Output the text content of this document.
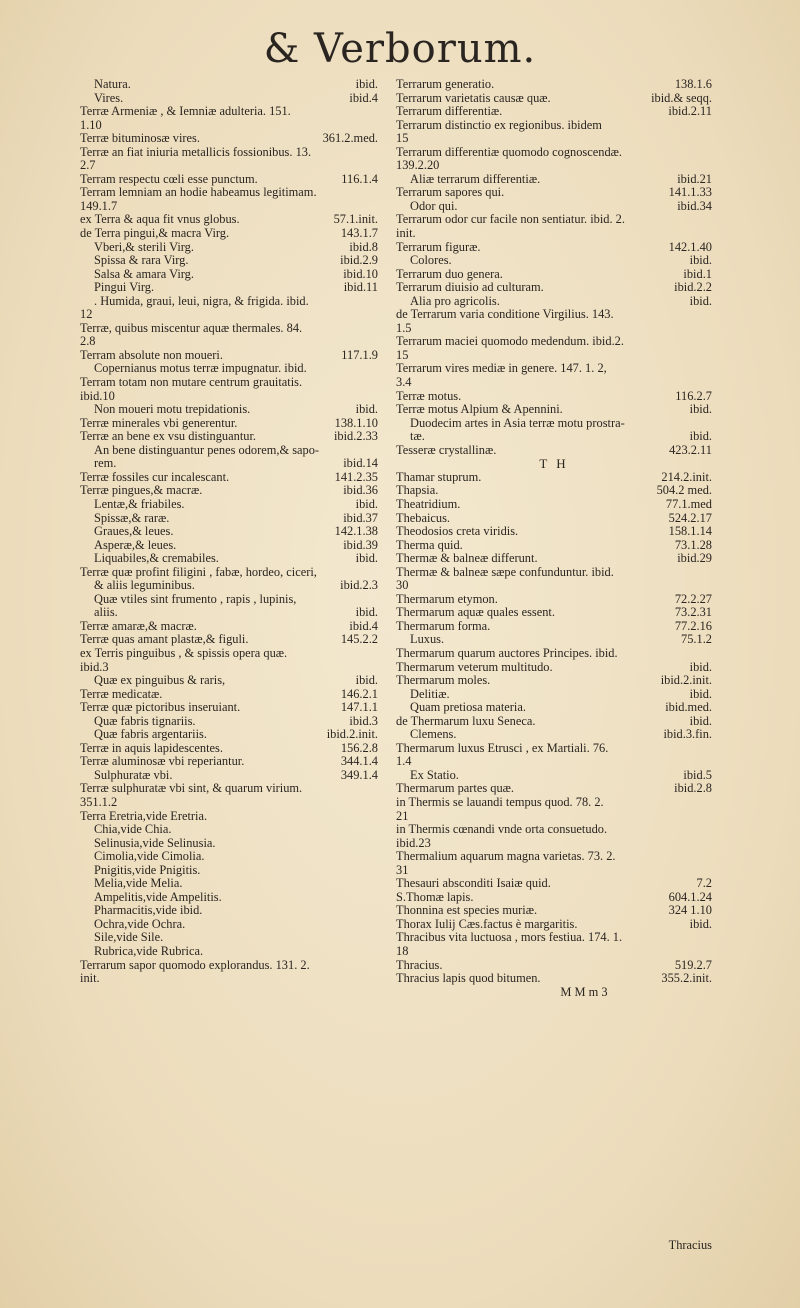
& Verborum.
Natura.	ibid.
Vires.	ibid.4
Terræ Armeniæ , & Iemniæ adulteria. 151.
1.10
Terræ bituminosæ vires.	361.2.med.
Terræ an fiat iniuria metallicis fossionibus. 13.
2.7
Terram respectu cœli esse punctum.	116.1.4
Terram lemniam an hodie habeamus legitimam.
149.1.7
ex Terra & aqua fit vnus globus.	57.1.init.
de Terra pingui,& macra Virg.	143.1.7
Vberi,& sterili Virg.	ibid.8
Spissa & rara Virg.	ibid.2.9
Salsa & amara Virg.	ibid.10
Pingui Virg.	ibid.11
. Humida, graui, leui, nigra, & frigida. ibid.
12
Terræ, quibus miscentur aquæ thermales. 84.
2.8
Terram absolute non moueri.	117.1.9
Copernianus motus terræ impugnatur. ibid.
Terram totam non mutare centrum grauitatis.
ibid.10
Non moueri motu trepidationis.	ibid.
Terræ minerales vbi generentur.	138.1.10
Terræ an bene ex vsu distinguantur.	ibid.2.33
An bene distinguantur penes odorem,& sapo-
rem.	ibid.14
Terræ fossiles cur incalescant.	141.2.35
Terræ pingues,& macræ.	ibid.36
Lentæ,& friabiles.	ibid.
Spissæ,& raræ.	ibid.37
Graues,& leues.	142.1.38
Asperæ,& leues.	ibid.39
Liquabiles,& cremabiles.	ibid.
Terræ quæ profint filigini , fabæ, hordeo, ciceri,
& aliis leguminibus.	ibid.2.3
Quæ vtiles sint frumento , rapis , lupinis,
aliis.	ibid.
Terræ amaræ,& macræ.	ibid.4
Terræ quas amant plastæ,& figuli.	145.2.2
ex Terris pinguibus , & spissis opera quæ.
ibid.3
Quæ ex pinguibus & raris,	ibid.
Terræ medicatæ.	146.2.1
Terræ quæ pictoribus inseruiant.	147.1.1
Quæ fabris tignariis.	ibid.3
Quæ fabris argentariis.	ibid.2.init.
Terræ in aquis lapidescentes.	156.2.8
Terræ aluminosæ vbi reperiantur.	344.1.4
Sulphuratæ vbi.	349.1.4
Terræ sulphuratæ vbi sint, & quarum virium.
351.1.2
Terra Eretria,vide Eretria.
Chia,vide Chia.
Selinusia,vide Selinusia.
Cimolia,vide Cimolia.
Pnigitis,vide Pnigitis.
Melia,vide Melia.
Ampelitis,vide Ampelitis.
Pharmacitis,vide ibid.
Ochra,vide Ochra.
Sile,vide Sile.
Rubrica,vide Rubrica.
Terrarum sapor quomodo explorandus. 131. 2.
init.
Terrarum generatio.	138.1.6
Terrarum varietatis causæ quæ.	ibid.& seqq.
Terrarum differentiæ.	ibid.2.11
Terrarum distinctio ex regionibus. ibidem
15
Terrarum differentiæ quomodo cognoscendæ.
139.2.20
Aliæ terrarum differentiæ.	ibid.21
Terrarum sapores qui.	141.1.33
Odor qui.	ibid.34
Terrarum odor cur facile non sentiatur. ibid. 2.
init.
Terrarum figuræ.	142.1.40
Colores.	ibid.
Terrarum duo genera.	ibid.1
Terrarum diuisio ad culturam.	ibid.2.2
Alia pro agricolis.	ibid.
de Terrarum varia conditione Virgilius. 143.
1.5
Terrarum maciei quomodo medendum. ibid.2.
15
Terrarum vires mediæ in genere. 147. 1. 2,
3.4
Terræ motus.	116.2.7
Terræ motus Alpium & Apennini.	ibid.
Duodecim artes in Asia terræ motu prostra-
tæ.	ibid.
Tesseræ crystallinæ.	423.2.11
T H
Thamar stuprum.	214.2.init.
Thapsia.	504.2 med.
Theatridium.	77.1.med
Thebaicus.	524.2.17
Theodosios creta viridis.	158.1.14
Therma quid.	73.1.28
Thermæ & balneæ differunt.	ibid.29
Thermæ & balneæ sæpe confunduntur. ibid.
30
Thermarum etymon.	72.2.27
Thermarum aquæ quales essent.	73.2.31
Thermarum forma.	77.2.16
Luxus.	75.1.2
Thermarum quarum auctores Principes. ibid.
Thermarum veterum multitudo.	ibid.
Thermarum moles.	ibid.2.init.
Delitiæ.	ibid.
Quam pretiosa materia.	ibid.med.
de Thermarum luxu Seneca.	ibid.
Clemens.	ibid.3.fin.
Thermarum luxus Etrusci , ex Martiali. 76.
1.4
Ex Statio.	ibid.5
Thermarum partes quæ.	ibid.2.8
in Thermis se lauandi tempus quod. 78. 2.
21
in Thermis cœnandi vnde orta consuetudo.
ibid.23
Thermalium aquarum magna varietas. 73. 2.
31
Thesauri absconditi Isaiæ quid.	7.2
S.Thomæ lapis.	604.1.24
Thonnina est species muriæ.	324 1.10
Thorax Iulij Cæs.factus è margaritis.	ibid.
Thracibus vita luctuosa , mors festiua. 174. 1.
18
Thracius.	519.2.7
Thracius lapis quod bitumen.	355.2.init.
M M m 3
Thracius
